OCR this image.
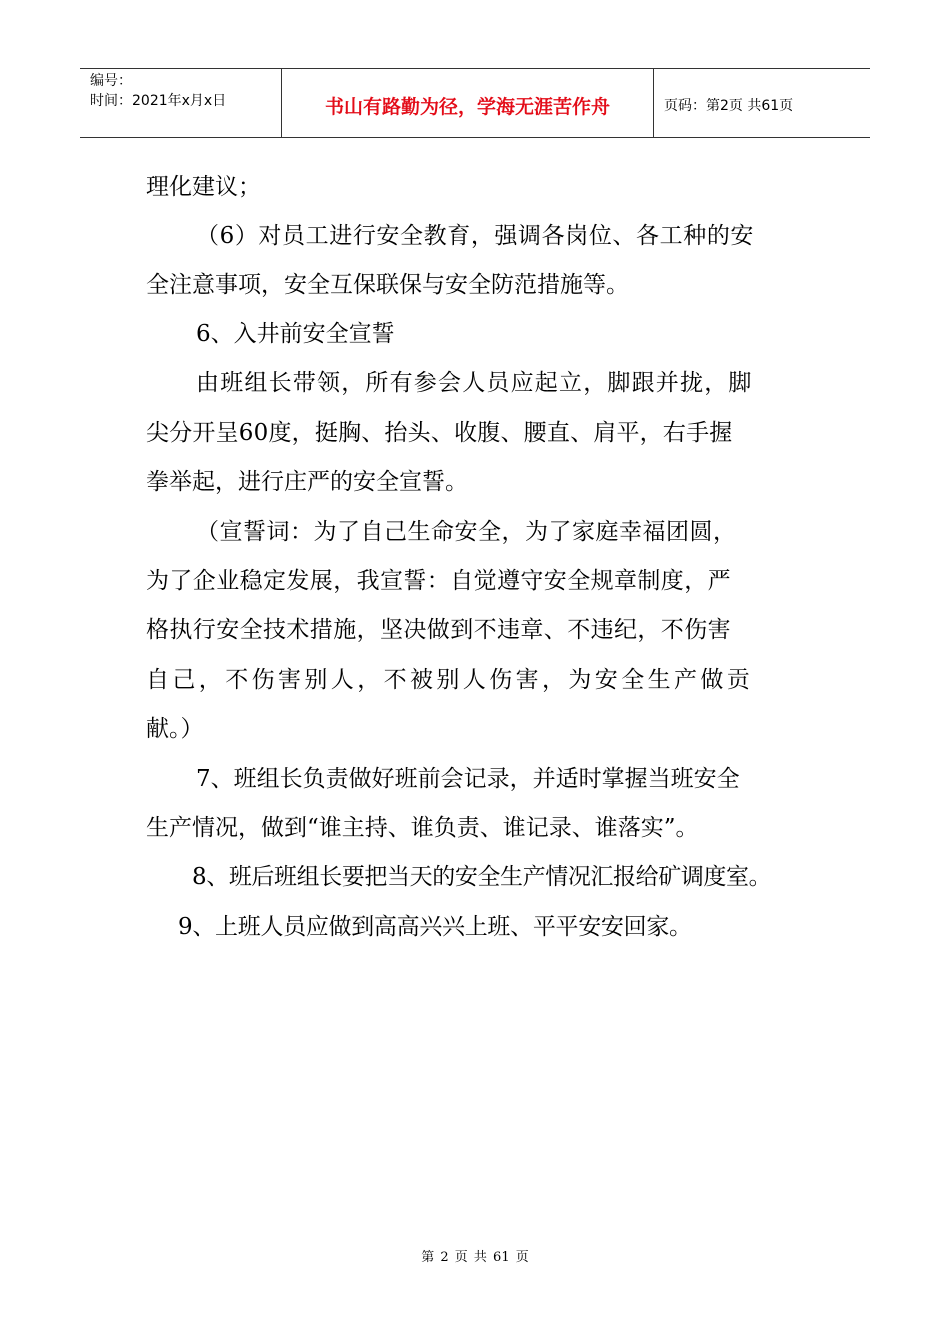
编号：
时间：2021年x月x日	书山有路勤为径，学海无涯苦作舟	页码：第2页 共61页
理化建议；
（6）对员工进行安全教育，强调各岗位、各工种的安
全注意事项，安全互保联保与安全防范措施等。
6、入井前安全宣誓
由班组长带领，所有参会人员应起立，脚跟并拢，脚
尖分开呈60度，挺胸、抬头、收腹、腰直、肩平，右手握
拳举起，进行庄严的安全宣誓。
（宣誓词：为了自己生命安全，为了家庭幸福团圆，
为了企业稳定发展，我宣誓：自觉遵守安全规章制度，严
格执行安全技术措施，坚决做到不违章、不违纪，不伤害
自己，不伤害别人，不被别人伤害，为安全生产做贡
献。）
7、班组长负责做好班前会记录，并适时掌握当班安全
生产情况，做到“谁主持、谁负责、谁记录、谁落实”。
8、班后班组长要把当天的安全生产情况汇报给矿调度室。
9、上班人员应做到高高兴兴上班、平平安安回家。
第 2 页 共 61 页
